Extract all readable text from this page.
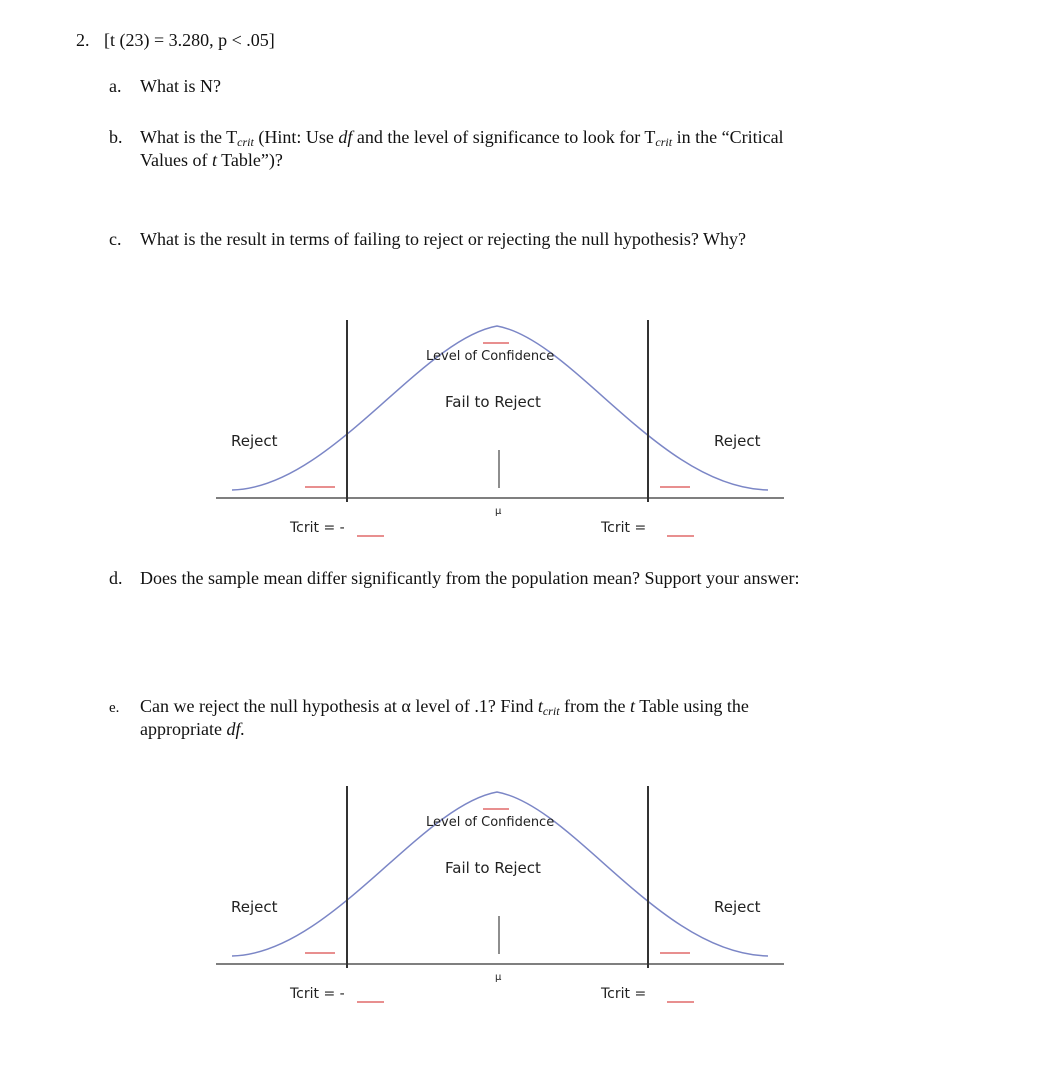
2. [t (23) = 3.280, p < .05]
a. What is N?
b. What is the $T_{crit}$ (Hint: Use df and the level of significance to look for $T_{crit}$ in the “Critical
Values of t Table”)?
c. What is the result in terms of failing to reject or rejecting the null hypothesis? Why?
Level of Confidence
Fail to Reject
Reject	Reject
μ
Tcrit = -	Tcrit =
d. Does the sample mean differ significantly from the population mean? Support your answer:
e. Can we reject the null hypothesis at α level of .1? Find $t_{crit}$ from the t Table using the
appropriate df.
Level of Confidence
Fail to Reject
Reject	Reject
μ
Tcrit = -	Tcrit =
